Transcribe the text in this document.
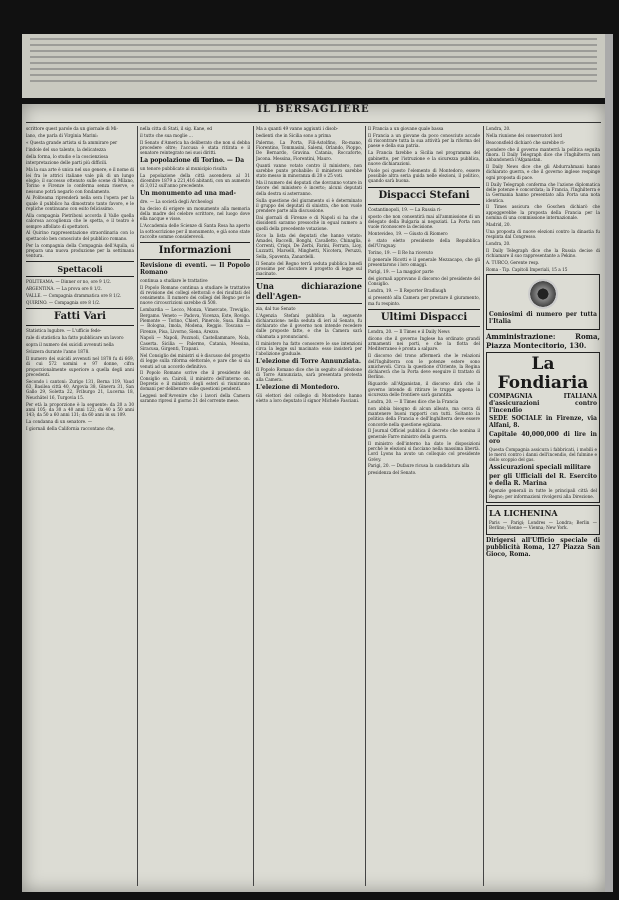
IL BERSAGLIERE

scrittore quest parole da un giornale di Mi-

lano, che parla di Virginia Marini:

« Questa grande artista si fa ammirare per

l'indole del suo talento, la delicatezza

della forma, lo studio e la coscienziosa

interpretazione delle parti più difficili.

Ma la sua arte è unica nel suo genere, e il nome di lei fra le attrici italiane vale più di un lungo elogio; il successo ottenuto sulle scene di Milano, Torino e Firenze lo conferma senza riserve, e nessuno potrà negarlo con fondamento.

Ai Politeama riprenderà nella sera l'opera per la quale il pubblico ha dimostrato tanto favore, e le repliche continuano con esito felicissimo.

Alla compagnia Pietriboni accorda il Valle quella calorosa accoglienza che le spetta, e il teatro è sempre affollato di spettatori.

Al Quirino rappresentazione straordinaria con lo spettacolo ben conosciuto del pubblico romano.

Per la compagnia della Compagnia dell'Aquila, si prepara una nuova produzione per la settimana ventura.

Spettacoli

POLITEAMA. — Dinner or no, ore 9 1/2.

ARGENTINA. — La prova ore 8 1/2.

VALLE. — Compagnia drammatica ore 8 1/2.

QUIRINO. — Compagnia ore 8 1/2.

Fatti Vari

Statistica lugubre. — L'ufficio fede-

rale di statistica ha fatto pubblicare un lavoro

sopra il numero dei suicidi avvenuti nella

Svizzera durante l'anno 1878.

Il numero dei suicidi avvenuti nel 1878 fu di 669, di cui 572 uomini e 97 donne, cifra proporzionalmente superiore a quella degli anni precedenti.

Secondo i cantoni: Zurigo 131, Berna 119, Vaud 63, Basilea città 40, Argovia 38, Ginevra 31, San Gallo 29, Soletta 22, Friburgo 21, Lucerna 18, Neuchâtel 16, Turgovia 15.

Per età la proporzione è la seguente: da 20 a 30 anni 105; da 30 a 40 anni 122; da 40 a 50 anni 143; da 50 a 60 anni 131; da 60 anni in su 109.

La condanna di un senatore. —

I giornali della California raccontano che,

nella citta di Stati, il sig. Kane, ed

il tutto che sua moglie ...

Il Senato d'America ha deliberato che non si debba procedere oltre; l'accusa è stata ritirata e il senatore reintegrato nei suoi diritti.

La popolazione di Torino. — Da

un tenore pubblicato al municipio risulta

La popolazione della città ascendeva al 31 dicembre 1879 a 221,416 abitanti, con un aumento di 3,012 sull'anno precedente.

Un monumento ad una mad-

dre. — La società degli Archeologi

ha deciso di erigere un monumento alla memoria della madre del celebre scrittore, nel luogo dove ella nacque e visse.

L'Accademia delle Scienze di Santa Rosa ha aperto la sottoscrizione per il monumento, e già sono state raccolte somme considerevoli.

Informazioni

Revisione di eventi. — Il Popolo Romano

continua a studiare le trattative

Il Popolo Romano continua a studiare le trattative di revisione dei collegi elettorali e dei risultati del censimento. Il numero dei collegi del Regno per le nuove circoscrizioni sarebbe di 508.

Lombardia — Lecco, Monza, Vimercate, Treviglio, Bergamo. Veneto — Padova, Vicenza, Este, Rovigo. Piemonte — Torino, Chieri, Pinerolo, Susa. Emilia — Bologna, Imola, Modena, Reggio. Toscana — Firenze, Pisa, Livorno, Siena, Arezzo.

Napoli — Napoli, Pozzuoli, Castellammare, Nola, Caserta. Sicilia — Palermo, Catania, Messina, Siracusa, Girgenti, Trapani.

Nel Consiglio dei ministri si è discusso del progetto di legge sulla riforma elettorale, e pare che si sia venuti ad un accordo definitivo.

Il Popolo Romano scrive che il presidente del Consiglio on. Cairoli, il ministro dell'interno on. Depretis e il ministro degli esteri si riuniranno domani per deliberare sulle questioni pendenti.

Leggesi nell'Avvenire che i lavori della Camera saranno ripresi il giorno 21 del corrente mese.

Ma a quanti 49 vanno aggiunti i disob-

bedienti che in Sicilia sono a prima

Palermo, La Porta, Fili-Astolfino, Ro-mano, Fiorentino, Tommasini, Salemi, Orlando, Pioppo, De Bernardo, Gravina. Catania, Roccaforte, Jacona. Messina, Fiorentini, Mauro.

Quanti vanno votato contro il ministero, non sarebbe punto probabile: il ministero sarebbe stato messo in minoranza di 20 o 25 voti.

Ma il numero dei deputati che dovranno votare in favore del ministero è incerto; alcuni deputati della destra si asterranno.

Sulla questione del giuramento si è determinato il gruppo dei deputati di sinistra, che non vuole prendere parte alla discussione.

Dai giornali di Firenze e di Napoli si ha che i dissidenti saranno pressochè in egual numero a quelli della precedente votazione.

Ecco la lista dei deputati che hanno votato: Amadei, Baccelli, Bonghi, Cavalletto, Chinaglia, Correnti, Crispi, De Zerbi, Farini, Ferrara, Lioy, Luzzatti, Marselli, Minghetti, Nicotera, Peruzzi, Sella, Spaventa, Zanardelli.

Il Senato del Regno terrà seduta pubblica lunedì prossimo per discutere il progetto di legge sul macinato.

Una dichiarazione dell'Agen-

zia, dal tuo Senato

L'Agenzia Stefani pubblica la seguente dichiarazione: nella seduta di ieri al Senato, fu dichiarato che il governo non intende recedere dalle proposte fatte, e che la Camera sarà chiamata a pronunciarsi.

Il ministero ha fatto conoscere le sue intenzioni circa la legge sul macinato: esso insisterà per l'abolizione graduale.

L'elezione di Torre Annunziata.

Il Popolo Romano dice che in seguito all'elezione di Torre Annunziata, sarà presentata protesta alla Camera.

L'elezione di Montedoro.

Gli elettori del collegio di Montedoro hanno eletto a loro deputato il signor Michele Fasciani.

Il Francia a un giovane quale bassa

Il Francia a un giovane da poco conosciuto accade di riscontrare tutta la sua attività per la riforma del paese e della sua patria.

La Francia farebbe a Sicilia nel programma del gabinetto, per l'istruzione e la sicurezza pubblica, nuove dichiarazioni.

Vuole poi questo l'elemento di Montedoro, essere possibile altra seria guida nelle elezioni, il politico, quando sarà buona.

Dispacci Stefani

Costantinopoli, 19. — La Russia ri-

sposto che non consentirà mai all'ammissione di un delegato della Bulgaria ai negoziati. La Porta non vuole riconoscere la decisione.

Montevideo, 19. — Giusto di Riomero

è stato eletto presidente della Repubblica dell'Uruguay.

Torino, 19. — Il Re ha ricevuto

il generale Ricotti e il generale Mezzacapo, che gli presentarono i loro omaggi.

Parigi, 19. — La maggior parte

dei giornali approvano il discorso del presidente del Consiglio.

Londra, 19. — Il Reporter Bradlaugh

si presentò alla Camera per prestare il giuramento, ma fu respinto.

Ultimi Dispacci

Londra, 20. — Il Times e il Daily News

dicono che il governo Inglese ha ordinato grandi armamenti nei porti, e che la flotta del Mediterraneo è pronta a salpare.

Il discorso del trono affermerà che le relazioni dell'Inghilterra con le potenze estere sono amichevoli. Circa la questione d'Oriente, la Regina dichiarerà che la Porta deve eseguire il trattato di Berlino.

Riguardo all'Afganistan, il discorso dirà che il governo intende di ritirare le truppe appena la sicurezza delle frontiere sarà garantita.

Londra, 20. — Il Times dice che la Francia

non abbia bisogno di alcun alleato, ma cerca di mantenere buoni rapporti con tutti. Soltanto la politica della Francia e dell'Inghilterra deve essere concorde nella questione egiziana.

Il Journal Officiel pubblica il decreto che nomina il generale Farre ministro della guerra.

Il ministro dell'interno ha dato le disposizioni perché le elezioni si facciano nella massima libertà. Lord Lyons ha avuto un colloquio col presidente Grévy.

Parigi, 20. — Dufaure ricusa la candidatura alla

presidenza del Senato.

Londra, 20.

Nella riunione dei conservatori lord

Beaconsfield dichiarò che sarebbe ri-

spondere che il governo manterrà la politica seguita finora. Il Daily Telegraph dice che l'Inghilterra non abbandonerà l'Afganistan.

Il Daily News dice che gli Abdurrahmani hanno dichiarato guerra, e che il governo inglese respinge ogni proposta di pace.

Il Daily Telegraph conferma che l'azione diplomatica delle potenze è concordata; la Francia, l'Inghilterra e la Germania hanno presentato alla Porta una nota identica.

Il Times assicura che Goschen dichiarò che appoggerebbe la proposta della Francia per la nomina di una commissione internazionale.

Madrid, 20.

Una proposta di nuove elezioni contro la dinastia fu respinta dal Congresso.

Londra, 20.

Il Daily Telegraph dice che la Russia decise di richiamare il suo rappresentante a Pekino.

A. TURCO, Gerente resp.

Roma - Tip. Capitoli Imperiali, 15 a 15

Coniosimi di numero per tutta l'Italia

Amministrazione: Roma, Piazza Montecitorio, 130.

La Fondiaria

COMPAGNIA ITALIANA d'assicurazioni contro l'incendio

SEDE SOCIALE in Firenze, via Alfani, 8.

Capitale 40,000,000 di lire in oro

Questa Compagnia assicura i fabbricati, i mobili e le merci contro i danni dell'incendio, del fulmine e dello scoppio del gas.

Assicurazioni speciali militare

per gli Ufficiali del R. Esercito e della R. Marina

Agenzie generali in tutte le principali città del Regno; per informazioni rivolgersi alla Direzione.

LA LICHENINA

Paris — Parigi; Londres — Londra; Berlin — Berlino; Vienne — Vienna; New York.

Dirigersi all'Ufficio speciale di pubblicità Roma, 127 Piazza San Gioco, Roma.
